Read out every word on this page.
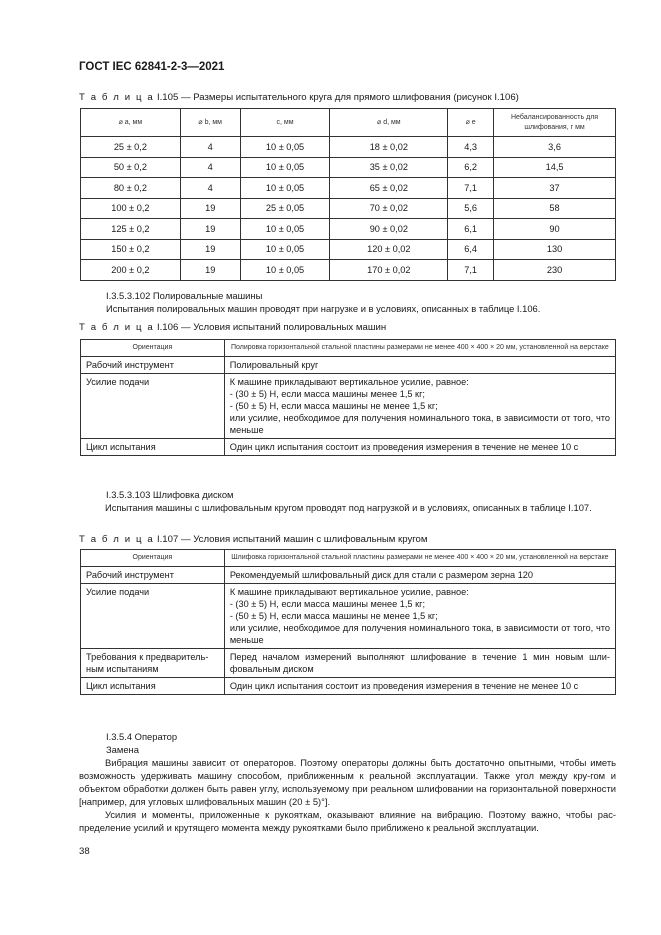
ГОСТ IEC 62841-2-3—2021
Т а б л и ц а I.105 — Размеры испытательного круга для прямого шлифования (рисунок I.106)
⌀ a, мм	⌀ b, мм	c, мм	⌀ d, мм	⌀ e	Небалансированность для шлифования, г мм
25 ± 0,2	4	10 ± 0,05	18 ± 0,02	4,3	3,6
50 ± 0,2	4	10 ± 0,05	35 ± 0,02	6,2	14,5
80 ± 0,2	4	10 ± 0,05	65 ± 0,02	7,1	37
100 ± 0,2	19	25 ± 0,05	70 ± 0,02	5,6	58
125 ± 0,2	19	10 ± 0,05	90 ± 0,02	6,1	90
150 ± 0,2	19	10 ± 0,05	120 ± 0,02	6,4	130
200 ± 0,2	19	10 ± 0,05	170 ± 0,02	7,1	230
I.3.5.3.102 Полировальные машины
Испытания полировальных машин проводят при нагрузке и в условиях, описанных в таблице I.106.
Т а б л и ц а I.106 — Условия испытаний полировальных машин
Ориентация	Полировка горизонтальной стальной пластины размерами не менее 400 × 400 × 20 мм, установленной на верстаке
Рабочий инструмент	Полировальный круг
Усилие подачи	К машине прикладывают вертикальное усилие, равное:
- (30 ± 5) Н, если масса машины менее 1,5 кг;
- (50 ± 5) Н, если масса машины не менее 1,5 кг;
или усилие, необходимое для получения номинального тока, в зависимости от того, что меньше

Цикл испытания	Один цикл испытания состоит из проведения измерения в течение не менее 10 с
I.3.5.3.103 Шлифовка диском
Испытания машины с шлифовальным кругом проводят под нагрузкой и в условиях, описанных в таблице I.107.
Т а б л и ц а I.107 — Условия испытаний машин с шлифовальным кругом
Ориентация	Шлифовка горизонтальной стальной пластины размерами не менее 400 × 400 × 20 мм, установленной на верстаке
Рабочий инструмент	Рекомендуемый шлифовальный диск для стали с размером зерна 120
Усилие подачи	К машине прикладывают вертикальное усилие, равное:
- (30 ± 5) Н, если масса машины менее 1,5 кг;
- (50 ± 5) Н, если масса машины не менее 1,5 кг;
или усилие, необходимое для получения номинального тока, в зависимости от того, что меньше

Требования к предваритель-ным испытаниям	Перед началом измерений выполняют шлифование в течение 1 мин новым шли-фовальным диском
Цикл испытания	Один цикл испытания состоит из проведения измерения в течение не менее 10 с
I.3.5.4 Оператор
Замена
Вибрация машины зависит от операторов. Поэтому операторы должны быть достаточно опытными, чтобы иметь возможность удерживать машину способом, приближенным к реальной эксплуатации. Также угол между кру-гом и объектом обработки должен быть равен углу, используемому при реальном шлифовании на горизонтальной поверхности [например, для угловых шлифовальных машин (20 ± 5)°].
Усилия и моменты, приложенные к рукояткам, оказывают влияние на вибрацию. Поэтому важно, чтобы рас-пределение усилий и крутящего момента между рукоятками было приближено к реальной эксплуатации.
38
